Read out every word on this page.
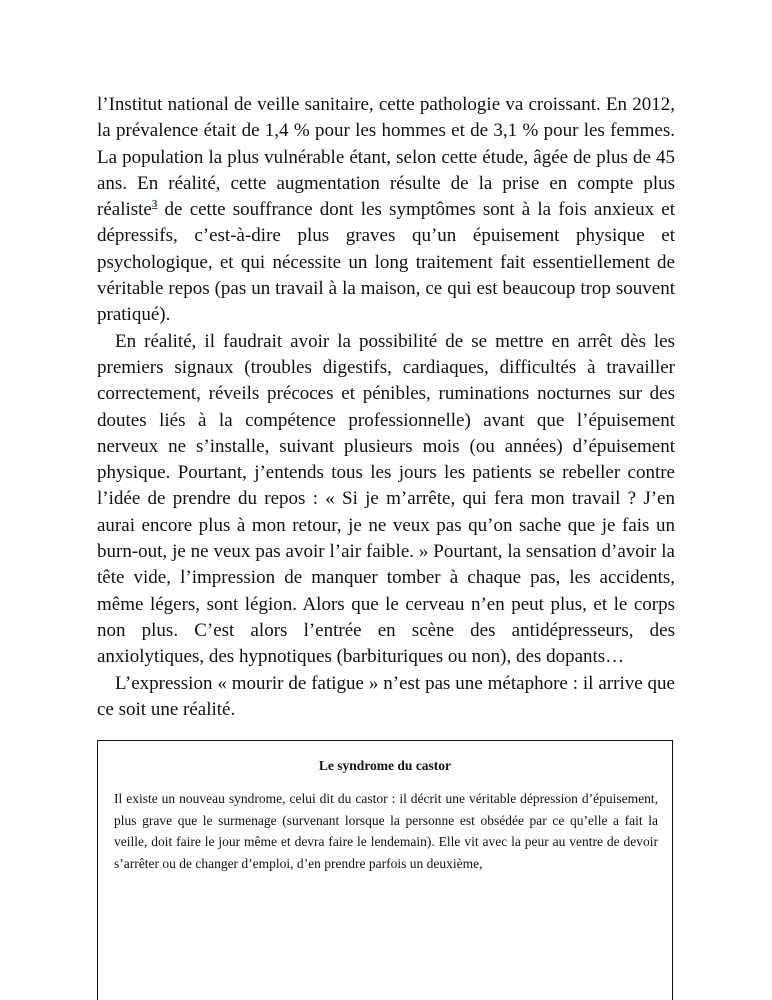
l’Institut national de veille sanitaire, cette pathologie va croissant. En 2012, la prévalence était de 1,4 % pour les hommes et de 3,1 % pour les femmes. La population la plus vulnérable étant, selon cette étude, âgée de plus de 45 ans. En réalité, cette augmentation résulte de la prise en compte plus réaliste$^3$ de cette souffrance dont les symptômes sont à la fois anxieux et dépressifs, c’est-à-dire plus graves qu’un épuisement physique et psychologique, et qui nécessite un long traitement fait essentiellement de véritable repos (pas un travail à la maison, ce qui est beaucoup trop souvent pratiqué).

En réalité, il faudrait avoir la possibilité de se mettre en arrêt dès les premiers signaux (troubles digestifs, cardiaques, difficultés à travailler correctement, réveils précoces et pénibles, ruminations nocturnes sur des doutes liés à la compétence professionnelle) avant que l’épuisement nerveux ne s’installe, suivant plusieurs mois (ou années) d’épuisement physique. Pourtant, j’entends tous les jours les patients se rebeller contre l’idée de prendre du repos : « Si je m’arrête, qui fera mon travail ? J’en aurai encore plus à mon retour, je ne veux pas qu’on sache que je fais un burn-out, je ne veux pas avoir l’air faible. » Pourtant, la sensation d’avoir la tête vide, l’impression de manquer tomber à chaque pas, les accidents, même légers, sont légion. Alors que le cerveau n’en peut plus, et le corps non plus. C’est alors l’entrée en scène des antidépresseurs, des anxiolytiques, des hypnotiques (barbituriques ou non), des dopants…

L’expression « mourir de fatigue » n’est pas une métaphore : il arrive que ce soit une réalité.

Le syndrome du castor
Il existe un nouveau syndrome, celui dit du castor : il décrit une véritable dépression d’épuisement, plus grave que le surmenage (survenant lorsque la personne est obsédée par ce qu’elle a fait la veille, doit faire le jour même et devra faire le lendemain). Elle vit avec la peur au ventre de devoir s’arrêter ou de changer d’emploi, d’en prendre parfois un deuxième,
